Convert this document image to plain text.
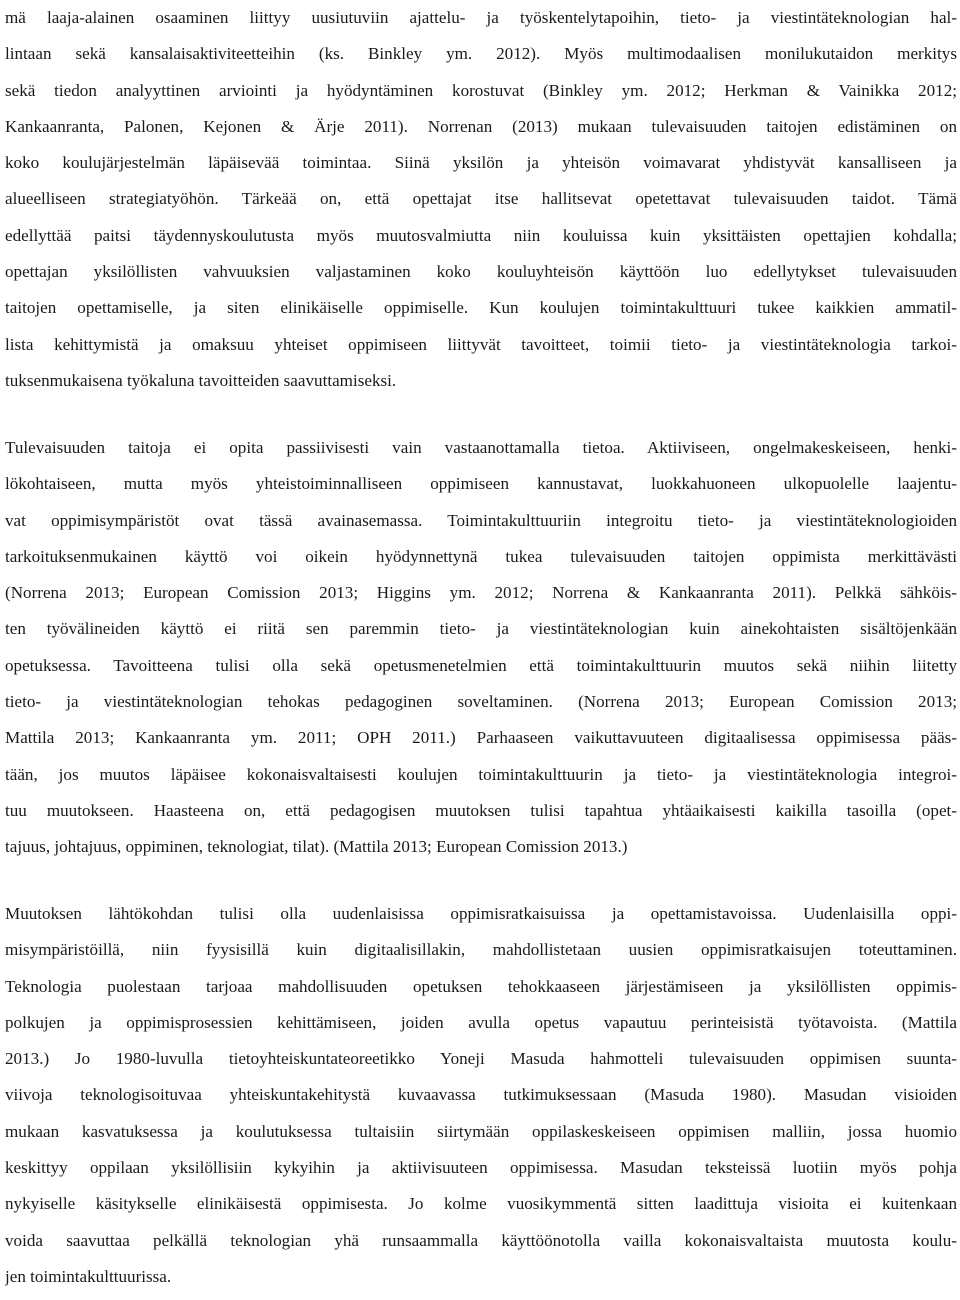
mä laaja-alainen osaaminen liittyy uusiutuviin ajattelu- ja työskentelytapoihin, tieto- ja viestintäteknologian hal-
lintaan sekä kansalaisaktiviteetteihin (ks. Binkley ym. 2012). Myös multimodaalisen monilukutaidon merkitys
sekä tiedon analyyttinen arviointi ja hyödyntäminen korostuvat (Binkley ym. 2012; Herkman & Vainikka 2012;
Kankaanranta, Palonen, Kejonen & Ärje 2011). Norrenan (2013) mukaan tulevaisuuden taitojen edistäminen on
koko koulujärjestelmän läpäisevää toimintaa. Siinä yksilön ja yhteisön voimavarat yhdistyvät kansalliseen ja
alueelliseen strategiatyöhön. Tärkeää on, että opettajat itse hallitsevat opetettavat tulevaisuuden taidot. Tämä
edellyttää paitsi täydennyskoulutusta myös muutosvalmiutta niin kouluissa kuin yksittäisten opettajien kohdalla;
opettajan yksilöllisten vahvuuksien valjastaminen koko kouluyhteisön käyttöön luo edellytykset tulevaisuuden
taitojen opettamiselle, ja siten elinikäiselle oppimiselle. Kun koulujen toimintakulttuuri tukee kaikkien ammatil-
lista kehittymistä ja omaksuu yhteiset oppimiseen liittyvät tavoitteet, toimii tieto- ja viestintäteknologia tarkoi-
tuksenmukaisena työkaluna tavoitteiden saavuttamiseksi.
Tulevaisuuden taitoja ei opita passiivisesti vain vastaanottamalla tietoa. Aktiiviseen, ongelmakeskeiseen, henki-
lökohtaiseen, mutta myös yhteistoiminnalliseen oppimiseen kannustavat, luokkahuoneen ulkopuolelle laajentu-
vat oppimisympäristöt ovat tässä avainasemassa. Toimintakulttuuriin integroitu tieto- ja viestintäteknologioiden
tarkoituksenmukainen käyttö voi oikein hyödynnettynä tukea tulevaisuuden taitojen oppimista merkittävästi
(Norrena 2013; European Comission 2013; Higgins ym. 2012; Norrena & Kankaanranta 2011). Pelkkä sähköis-
ten työvälineiden käyttö ei riitä sen paremmin tieto- ja viestintäteknologian kuin ainekohtaisten sisältöjenkään
opetuksessa. Tavoitteena tulisi olla sekä opetusmenetelmien että toimintakulttuurin muutos sekä niihin liitetty
tieto- ja viestintäteknologian tehokas pedagoginen soveltaminen. (Norrena 2013; European Comission 2013;
Mattila 2013; Kankaanranta ym. 2011; OPH 2011.) Parhaaseen vaikuttavuuteen digitaalisessa oppimisessa pääs-
tään, jos muutos läpäisee kokonaisvaltaisesti koulujen toimintakulttuurin ja tieto- ja viestintäteknologia integroi-
tuu muutokseen. Haasteena on, että pedagogisen muutoksen tulisi tapahtua yhtäaikaisesti kaikilla tasoilla (opet-
tajuus, johtajuus, oppiminen, teknologiat, tilat). (Mattila 2013; European Comission 2013.)
Muutoksen lähtökohdan tulisi olla uudenlaisissa oppimisratkaisuissa ja opettamistavoissa. Uudenlaisilla oppi-
misympäristöillä, niin fyysisillä kuin digitaalisillakin, mahdollistetaan uusien oppimisratkaisujen toteuttaminen.
Teknologia puolestaan tarjoaa mahdollisuuden opetuksen tehokkaaseen järjestämiseen ja yksilöllisten oppimis-
polkujen ja oppimisprosessien kehittämiseen, joiden avulla opetus vapautuu perinteisistä työtavoista. (Mattila
2013.) Jo 1980-luvulla tietoyhteiskuntateoreetikko Yoneji Masuda hahmotteli tulevaisuuden oppimisen suunta-
viivoja teknologisoituvaa yhteiskuntakehitystä kuvaavassa tutkimuksessaan (Masuda 1980). Masudan visioiden
mukaan kasvatuksessa ja koulutuksessa tultaisiin siirtymään oppilaskeskeiseen oppimisen malliin, jossa huomio
keskittyy oppilaan yksilöllisiin kykyihin ja aktiivisuuteen oppimisessa. Masudan teksteissä luotiin myös pohja
nykyiselle käsitykselle elinikäisestä oppimisesta. Jo kolme vuosikymmentä sitten laadittuja visioita ei kuitenkaan
voida saavuttaa pelkällä teknologian yhä runsaammalla käyttöönotolla vailla kokonaisvaltaista muutosta koulu-
jen toimintakulttuurissa.
